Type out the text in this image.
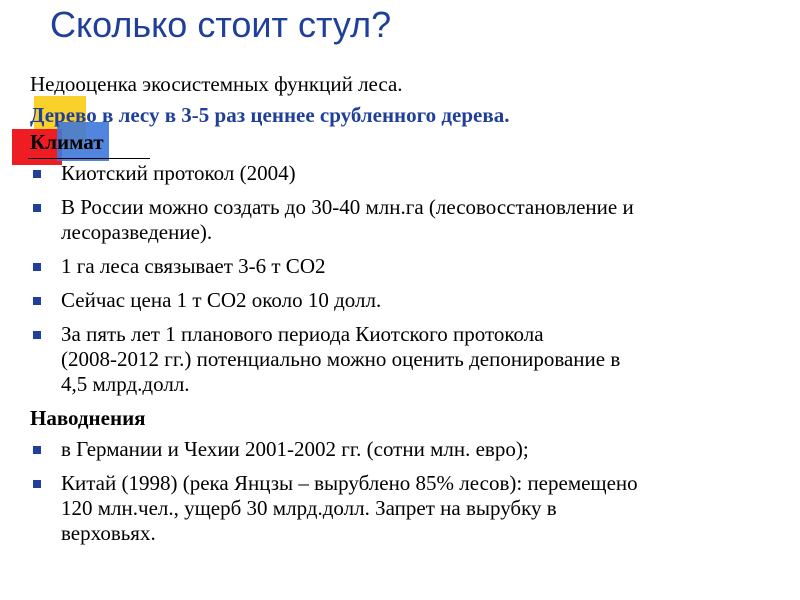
Сколько стоит стул?
Недооценка экосистемных функций леса.
Дерево в лесу в 3-5 раз ценнее срубленного дерева.
Климат
Киотский протокол (2004)
В России можно создать до 30-40 млн.га (лесовосстановление и
лесоразведение).
1 га леса связывает 3-6 т СО2
Сейчас цена 1 т СО2 около 10 долл.
За пять лет 1 планового периода Киотского протокола
(2008-2012 гг.) потенциально можно оценить депонирование в
4,5 млрд.долл.
Наводнения
в Германии и Чехии 2001-2002 гг. (сотни млн. евро);
Китай (1998) (река Янцзы – вырублено 85% лесов): перемещено
120 млн.чел., ущерб 30 млрд.долл. Запрет на вырубку в
верховьях.
